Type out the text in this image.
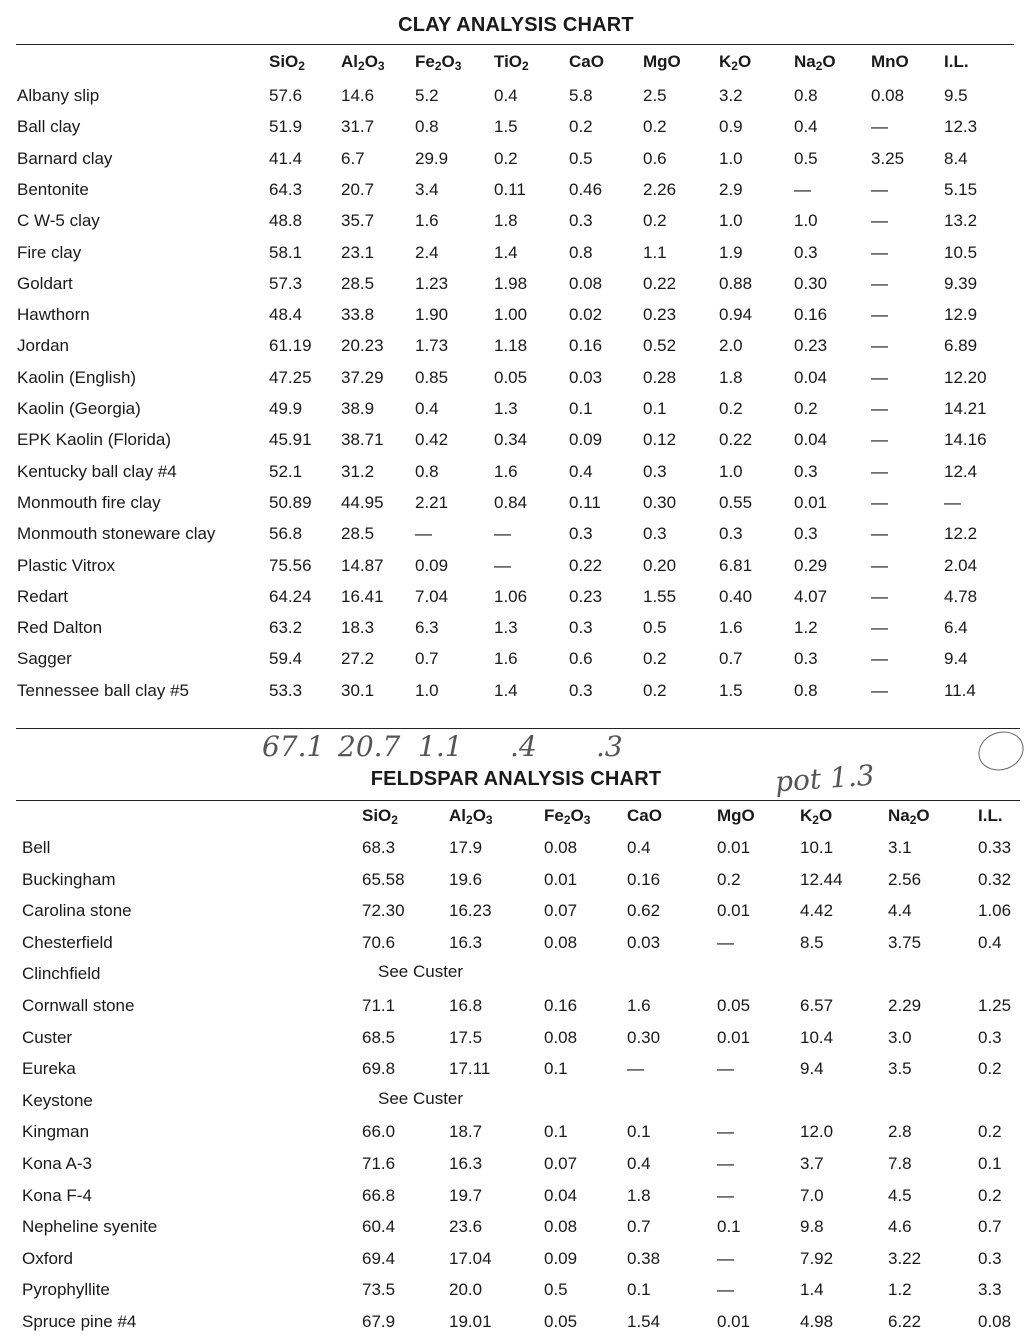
CLAY ANALYSIS CHART
SiO$_2$ $Al_2O_3$ $Fe_2O_3$ TiO$_2$ CaO MgO $K_2O$	$Na_2O$ MnO I.L.
Albany slip	57.6 14.6 5.2	0.4	5.8	2.5	3.2	0.8	0.08 9.5
Ball clay	51.9 31.7 0.8	1.5	0.2	0.2	0.9	0.4	—	12.3
Barnard clay	41.4 6.7	29.9	0.2	0.5	0.6	1.0	0.5	3.25 8.4
Bentonite	64.3 20.7 3.4	0.11	0.46 2.26	2.9	—	—	5.15
C W-5 clay	48.8 35.7 1.6	1.8	0.3	0.2	1.0	1.0	—	13.2
Fire clay	58.1 23.1 2.4	1.4	0.8	1.1	1.9	0.3	—	10.5
Goldart	57.3 28.5 1.23	1.98 0.08 0.22	0.88 0.30	—	9.39
Hawthorn	48.4 33.8 1.90	1.00 0.02 0.23	0.94 0.16	—	12.9
Jordan	61.19 20.23 1.73	1.18 0.16 0.52	2.0	0.23	—	6.89
Kaolin (English)	47.25 37.29 0.85	0.05 0.03 0.28	1.8	0.04	—	12.20
Kaolin (Georgia)	49.9 38.9 0.4	1.3	0.1	0.1	0.2	0.2	—	14.21
EPK Kaolin (Florida)	45.91 38.71 0.42	0.34 0.09 0.12	0.22 0.04	—	14.16
Kentucky ball clay #4	52.1 31.2 0.8	1.6	0.4	0.3	1.0	0.3	—	12.4
Monmouth fire clay	50.89 44.95 2.21	0.84 0.11 0.30	0.55 0.01	—	—
Monmouth stoneware clay	56.8 28.5 —	—	0.3	0.3	0.3	0.3	—	12.2
Plastic Vitrox	75.56 14.87 0.09	—	0.22 0.20	6.81 0.29	—	2.04
Redart	64.24 16.41 7.04	1.06 0.23 1.55	0.40 4.07	—	4.78
Red Dalton	63.2 18.3 6.3	1.3	0.3	0.5	1.6	1.2	—	6.4
Sagger	59.4 27.2 0.7	1.6	0.6	0.2	0.7	0.3	—	9.4
Tennessee ball clay #5	53.3 30.1 1.0	1.4	0.3	0.2	1.5	0.8	—	11.4
67.1 20.7 1.1 .4 .3
pot 1.3
FELDSPAR ANALYSIS CHART
SiO$_2$	$Al_2O_3$	$Fe_2O_3$ CaO	MgO	$K_2O$	$Na_2O$	I.L.
Bell	68.3	17.9	0.08	0.4	0.01	10.1	3.1	0.33
Buckingham	65.58	19.6	0.01	0.16	0.2	12.44	2.56	0.32
Carolina stone	72.30	16.23	0.07	0.62	0.01	4.42	4.4	1.06
Chesterfield	70.6	16.3	0.08	0.03	—	8.5	3.75	0.4
Clinchfield	See Custer
Cornwall stone	71.1	16.8	0.16	1.6	0.05	6.57	2.29	1.25
Custer	68.5	17.5	0.08	0.30	0.01	10.4	3.0	0.3
Eureka	69.8	17.11	0.1	—	—	9.4	3.5	0.2
Keystone	See Custer
Kingman	66.0	18.7	0.1	0.1	—	12.0	2.8	0.2
Kona A-3	71.6	16.3	0.07	0.4	—	3.7	7.8	0.1
Kona F-4	66.8	19.7	0.04	1.8	—	7.0	4.5	0.2
Nepheline syenite	60.4	23.6	0.08	0.7	0.1	9.8	4.6	0.7
Oxford	69.4	17.04	0.09	0.38	—	7.92	3.22	0.3
Pyrophyllite	73.5	20.0	0.5	0.1	—	1.4	1.2	3.3
Spruce pine #4	67.9	19.01	0.05	1.54	0.01	4.98	6.22	0.08
